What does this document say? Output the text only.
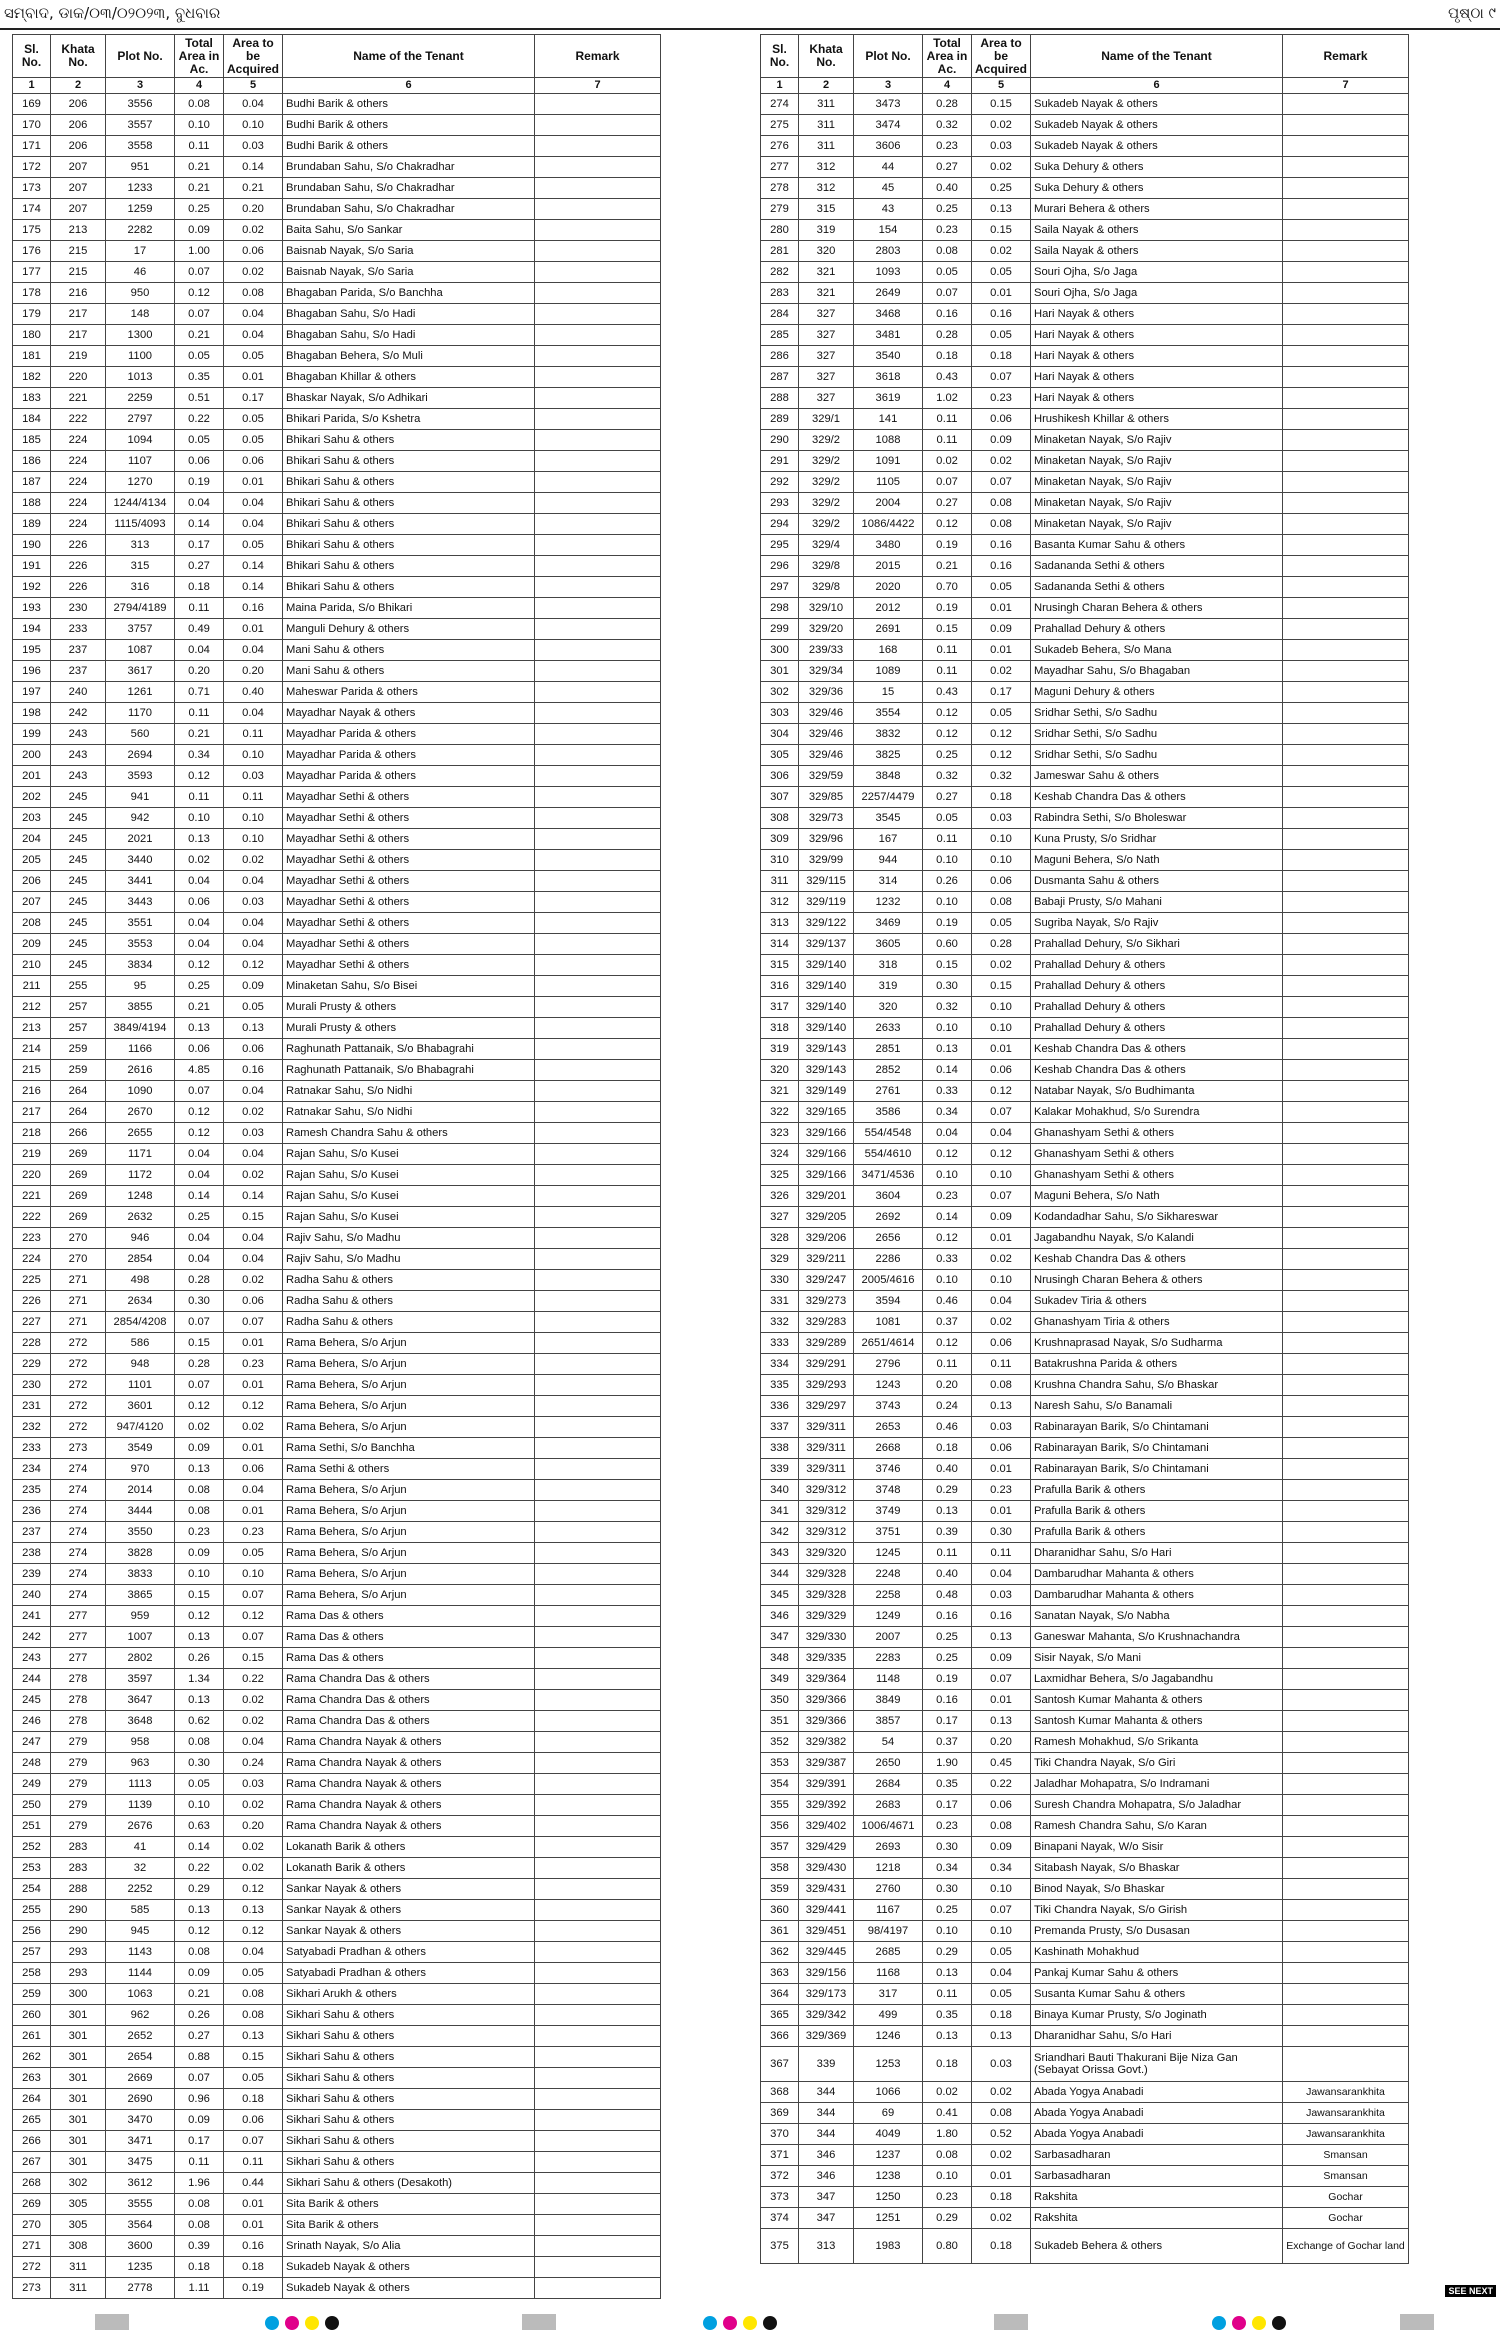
ସମ୍ବାଦ, ଡାକ/୦୩/୦୨୦୨୩, ବୁଧବାର	ପୃଷ୍ଠା ୯
Sl. No.	Khata No.	Plot No.	Total Area in Ac.	Area to be Acquired	Name of the Tenant	Remark
1	2	3	4	5	6	7
169	206	3556	0.08	0.04	Budhi Barik & others	
170	206	3557	0.10	0.10	Budhi Barik & others	
171	206	3558	0.11	0.03	Budhi Barik & others	
172	207	951	0.21	0.14	Brundaban Sahu, S/o Chakradhar	
173	207	1233	0.21	0.21	Brundaban Sahu, S/o Chakradhar	
174	207	1259	0.25	0.20	Brundaban Sahu, S/o Chakradhar	
175	213	2282	0.09	0.02	Baita Sahu, S/o Sankar	
176	215	17	1.00	0.06	Baisnab Nayak, S/o Saria	
177	215	46	0.07	0.02	Baisnab Nayak, S/o Saria	
178	216	950	0.12	0.08	Bhagaban Parida, S/o Banchha	
179	217	148	0.07	0.04	Bhagaban Sahu, S/o Hadi	
180	217	1300	0.21	0.04	Bhagaban Sahu, S/o Hadi	
181	219	1100	0.05	0.05	Bhagaban Behera, S/o Muli	
182	220	1013	0.35	0.01	Bhagaban Khillar & others	
183	221	2259	0.51	0.17	Bhaskar Nayak, S/o Adhikari	
184	222	2797	0.22	0.05	Bhikari Parida, S/o Kshetra	
185	224	1094	0.05	0.05	Bhikari Sahu & others	
186	224	1107	0.06	0.06	Bhikari Sahu & others	
187	224	1270	0.19	0.01	Bhikari Sahu & others	
188	224	1244/4134	0.04	0.04	Bhikari Sahu & others	
189	224	1115/4093	0.14	0.04	Bhikari Sahu & others	
190	226	313	0.17	0.05	Bhikari Sahu & others	
191	226	315	0.27	0.14	Bhikari Sahu & others	
192	226	316	0.18	0.14	Bhikari Sahu & others	
193	230	2794/4189	0.11	0.16	Maina Parida, S/o Bhikari	
194	233	3757	0.49	0.01	Manguli Dehury & others	
195	237	1087	0.04	0.04	Mani Sahu & others	
196	237	3617	0.20	0.20	Mani Sahu & others	
197	240	1261	0.71	0.40	Maheswar Parida & others	
198	242	1170	0.11	0.04	Mayadhar Nayak & others	
199	243	560	0.21	0.11	Mayadhar Parida & others	
200	243	2694	0.34	0.10	Mayadhar Parida & others	
201	243	3593	0.12	0.03	Mayadhar Parida & others	
202	245	941	0.11	0.11	Mayadhar Sethi & others	
203	245	942	0.10	0.10	Mayadhar Sethi & others	
204	245	2021	0.13	0.10	Mayadhar Sethi & others	
205	245	3440	0.02	0.02	Mayadhar Sethi & others	
206	245	3441	0.04	0.04	Mayadhar Sethi & others	
207	245	3443	0.06	0.03	Mayadhar Sethi & others	
208	245	3551	0.04	0.04	Mayadhar Sethi & others	
209	245	3553	0.04	0.04	Mayadhar Sethi & others	
210	245	3834	0.12	0.12	Mayadhar Sethi & others	
211	255	95	0.25	0.09	Minaketan Sahu, S/o Bisei	
212	257	3855	0.21	0.05	Murali Prusty & others	
213	257	3849/4194	0.13	0.13	Murali Prusty & others	
214	259	1166	0.06	0.06	Raghunath Pattanaik, S/o Bhabagrahi	
215	259	2616	4.85	0.16	Raghunath Pattanaik, S/o Bhabagrahi	
216	264	1090	0.07	0.04	Ratnakar Sahu, S/o Nidhi	
217	264	2670	0.12	0.02	Ratnakar Sahu, S/o Nidhi	
218	266	2655	0.12	0.03	Ramesh Chandra Sahu & others	
219	269	1171	0.04	0.04	Rajan Sahu, S/o Kusei	
220	269	1172	0.04	0.02	Rajan Sahu, S/o Kusei	
221	269	1248	0.14	0.14	Rajan Sahu, S/o Kusei	
222	269	2632	0.25	0.15	Rajan Sahu, S/o Kusei	
223	270	946	0.04	0.04	Rajiv Sahu, S/o Madhu	
224	270	2854	0.04	0.04	Rajiv Sahu, S/o Madhu	
225	271	498	0.28	0.02	Radha Sahu & others	
226	271	2634	0.30	0.06	Radha Sahu & others	
227	271	2854/4208	0.07	0.07	Radha Sahu & others	
228	272	586	0.15	0.01	Rama Behera, S/o Arjun	
229	272	948	0.28	0.23	Rama Behera, S/o Arjun	
230	272	1101	0.07	0.01	Rama Behera, S/o Arjun	
231	272	3601	0.12	0.12	Rama Behera, S/o Arjun	
232	272	947/4120	0.02	0.02	Rama Behera, S/o Arjun	
233	273	3549	0.09	0.01	Rama Sethi, S/o Banchha	
234	274	970	0.13	0.06	Rama Sethi & others	
235	274	2014	0.08	0.04	Rama Behera, S/o Arjun	
236	274	3444	0.08	0.01	Rama Behera, S/o Arjun	
237	274	3550	0.23	0.23	Rama Behera, S/o Arjun	
238	274	3828	0.09	0.05	Rama Behera, S/o Arjun	
239	274	3833	0.10	0.10	Rama Behera, S/o Arjun	
240	274	3865	0.15	0.07	Rama Behera, S/o Arjun	
241	277	959	0.12	0.12	Rama Das & others	
242	277	1007	0.13	0.07	Rama Das & others	
243	277	2802	0.26	0.15	Rama Das & others	
244	278	3597	1.34	0.22	Rama Chandra Das & others	
245	278	3647	0.13	0.02	Rama Chandra Das & others	
246	278	3648	0.62	0.02	Rama Chandra Das & others	
247	279	958	0.08	0.04	Rama Chandra Nayak & others	
248	279	963	0.30	0.24	Rama Chandra Nayak & others	
249	279	1113	0.05	0.03	Rama Chandra Nayak & others	
250	279	1139	0.10	0.02	Rama Chandra Nayak & others	
251	279	2676	0.63	0.20	Rama Chandra Nayak & others	
252	283	41	0.14	0.02	Lokanath Barik & others	
253	283	32	0.22	0.02	Lokanath Barik & others	
254	288	2252	0.29	0.12	Sankar Nayak & others	
255	290	585	0.13	0.13	Sankar Nayak & others	
256	290	945	0.12	0.12	Sankar Nayak & others	
257	293	1143	0.08	0.04	Satyabadi Pradhan & others	
258	293	1144	0.09	0.05	Satyabadi Pradhan & others	
259	300	1063	0.21	0.08	Sikhari Arukh & others	
260	301	962	0.26	0.08	Sikhari Sahu & others	
261	301	2652	0.27	0.13	Sikhari Sahu & others	
262	301	2654	0.88	0.15	Sikhari Sahu & others	
263	301	2669	0.07	0.05	Sikhari Sahu & others	
264	301	2690	0.96	0.18	Sikhari Sahu & others	
265	301	3470	0.09	0.06	Sikhari Sahu & others	
266	301	3471	0.17	0.07	Sikhari Sahu & others	
267	301	3475	0.11	0.11	Sikhari Sahu & others	
268	302	3612	1.96	0.44	Sikhari Sahu & others (Desakoth)	
269	305	3555	0.08	0.01	Sita Barik & others	
270	305	3564	0.08	0.01	Sita Barik & others	
271	308	3600	0.39	0.16	Srinath Nayak, S/o Alia	
272	311	1235	0.18	0.18	Sukadeb Nayak & others	
273	311	2778	1.11	0.19	Sukadeb Nayak & others	
Sl. No.	Khata No.	Plot No.	Total Area in Ac.	Area to be Acquired	Name of the Tenant	Remark
1	2	3	4	5	6	7
274	311	3473	0.28	0.15	Sukadeb Nayak & others	
275	311	3474	0.32	0.02	Sukadeb Nayak & others	
276	311	3606	0.23	0.03	Sukadeb Nayak & others	
277	312	44	0.27	0.02	Suka Dehury & others	
278	312	45	0.40	0.25	Suka Dehury & others	
279	315	43	0.25	0.13	Murari Behera & others	
280	319	154	0.23	0.15	Saila Nayak & others	
281	320	2803	0.08	0.02	Saila Nayak & others	
282	321	1093	0.05	0.05	Souri Ojha, S/o Jaga	
283	321	2649	0.07	0.01	Souri Ojha, S/o Jaga	
284	327	3468	0.16	0.16	Hari Nayak & others	
285	327	3481	0.28	0.05	Hari Nayak & others	
286	327	3540	0.18	0.18	Hari Nayak & others	
287	327	3618	0.43	0.07	Hari Nayak & others	
288	327	3619	1.02	0.23	Hari Nayak & others	
289	329/1	141	0.11	0.06	Hrushikesh Khillar & others	
290	329/2	1088	0.11	0.09	Minaketan Nayak, S/o Rajiv	
291	329/2	1091	0.02	0.02	Minaketan Nayak, S/o Rajiv	
292	329/2	1105	0.07	0.07	Minaketan Nayak, S/o Rajiv	
293	329/2	2004	0.27	0.08	Minaketan Nayak, S/o Rajiv	
294	329/2	1086/4422	0.12	0.08	Minaketan Nayak, S/o Rajiv	
295	329/4	3480	0.19	0.16	Basanta Kumar Sahu & others	
296	329/8	2015	0.21	0.16	Sadananda Sethi & others	
297	329/8	2020	0.70	0.05	Sadananda Sethi & others	
298	329/10	2012	0.19	0.01	Nrusingh Charan Behera & others	
299	329/20	2691	0.15	0.09	Prahallad Dehury & others	
300	239/33	168	0.11	0.01	Sukadeb Behera, S/o Mana	
301	329/34	1089	0.11	0.02	Mayadhar Sahu, S/o Bhagaban	
302	329/36	15	0.43	0.17	Maguni Dehury & others	
303	329/46	3554	0.12	0.05	Sridhar Sethi, S/o Sadhu	
304	329/46	3832	0.12	0.12	Sridhar Sethi, S/o Sadhu	
305	329/46	3825	0.25	0.12	Sridhar Sethi, S/o Sadhu	
306	329/59	3848	0.32	0.32	Jameswar Sahu & others	
307	329/85	2257/4479	0.27	0.18	Keshab Chandra Das & others	
308	329/73	3545	0.05	0.03	Rabindra Sethi, S/o Bholeswar	
309	329/96	167	0.11	0.10	Kuna Prusty, S/o Sridhar	
310	329/99	944	0.10	0.10	Maguni Behera, S/o Nath	
311	329/115	314	0.26	0.06	Dusmanta Sahu & others	
312	329/119	1232	0.10	0.08	Babaji Prusty, S/o Mahani	
313	329/122	3469	0.19	0.05	Sugriba Nayak, S/o Rajiv	
314	329/137	3605	0.60	0.28	Prahallad Dehury, S/o Sikhari	
315	329/140	318	0.15	0.02	Prahallad Dehury & others	
316	329/140	319	0.30	0.15	Prahallad Dehury & others	
317	329/140	320	0.32	0.10	Prahallad Dehury & others	
318	329/140	2633	0.10	0.10	Prahallad Dehury & others	
319	329/143	2851	0.13	0.01	Keshab Chandra Das & others	
320	329/143	2852	0.14	0.06	Keshab Chandra Das & others	
321	329/149	2761	0.33	0.12	Natabar Nayak, S/o Budhimanta	
322	329/165	3586	0.34	0.07	Kalakar Mohakhud, S/o Surendra	
323	329/166	554/4548	0.04	0.04	Ghanashyam Sethi & others	
324	329/166	554/4610	0.12	0.12	Ghanashyam Sethi & others	
325	329/166	3471/4536	0.10	0.10	Ghanashyam Sethi & others	
326	329/201	3604	0.23	0.07	Maguni Behera, S/o Nath	
327	329/205	2692	0.14	0.09	Kodandadhar Sahu, S/o Sikhareswar	
328	329/206	2656	0.12	0.01	Jagabandhu Nayak, S/o Kalandi	
329	329/211	2286	0.33	0.02	Keshab Chandra Das & others	
330	329/247	2005/4616	0.10	0.10	Nrusingh Charan Behera & others	
331	329/273	3594	0.46	0.04	Sukadev Tiria & others	
332	329/283	1081	0.37	0.02	Ghanashyam Tiria & others	
333	329/289	2651/4614	0.12	0.06	Krushnaprasad Nayak, S/o Sudharma	
334	329/291	2796	0.11	0.11	Batakrushna Parida & others	
335	329/293	1243	0.20	0.08	Krushna Chandra Sahu, S/o Bhaskar	
336	329/297	3743	0.24	0.13	Naresh Sahu, S/o Banamali	
337	329/311	2653	0.46	0.03	Rabinarayan Barik, S/o Chintamani	
338	329/311	2668	0.18	0.06	Rabinarayan Barik, S/o Chintamani	
339	329/311	3746	0.40	0.01	Rabinarayan Barik, S/o Chintamani	
340	329/312	3748	0.29	0.23	Prafulla Barik & others	
341	329/312	3749	0.13	0.01	Prafulla Barik & others	
342	329/312	3751	0.39	0.30	Prafulla Barik & others	
343	329/320	1245	0.11	0.11	Dharanidhar Sahu, S/o Hari	
344	329/328	2248	0.40	0.04	Dambarudhar Mahanta & others	
345	329/328	2258	0.48	0.03	Dambarudhar Mahanta & others	
346	329/329	1249	0.16	0.16	Sanatan Nayak, S/o Nabha	
347	329/330	2007	0.25	0.13	Ganeswar Mahanta, S/o Krushnachandra	
348	329/335	2283	0.25	0.09	Sisir Nayak, S/o Mani	
349	329/364	1148	0.19	0.07	Laxmidhar Behera, S/o Jagabandhu	
350	329/366	3849	0.16	0.01	Santosh Kumar Mahanta & others	
351	329/366	3857	0.17	0.13	Santosh Kumar Mahanta & others	
352	329/382	54	0.37	0.20	Ramesh Mohakhud, S/o Srikanta	
353	329/387	2650	1.90	0.45	Tiki Chandra Nayak, S/o Giri	
354	329/391	2684	0.35	0.22	Jaladhar Mohapatra, S/o Indramani	
355	329/392	2683	0.17	0.06	Suresh Chandra Mohapatra, S/o Jaladhar	
356	329/402	1006/4671	0.23	0.08	Ramesh Chandra Sahu, S/o Karan	
357	329/429	2693	0.30	0.09	Binapani Nayak, W/o Sisir	
358	329/430	1218	0.34	0.34	Sitabash Nayak, S/o Bhaskar	
359	329/431	2760	0.30	0.10	Binod Nayak, S/o Bhaskar	
360	329/441	1167	0.25	0.07	Tiki Chandra Nayak, S/o Girish	
361	329/451	98/4197	0.10	0.10	Premanda Prusty, S/o Dusasan	
362	329/445	2685	0.29	0.05	Kashinath Mohakhud	
363	329/156	1168	0.13	0.04	Pankaj Kumar Sahu & others	
364	329/173	317	0.11	0.05	Susanta Kumar Sahu & others	
365	329/342	499	0.35	0.18	Binaya Kumar Prusty, S/o Joginath	
366	329/369	1246	0.13	0.13	Dharanidhar Sahu, S/o Hari	
367	339	1253	0.18	0.03	Sriandhari Bauti Thakurani Bije Niza Gan (Sebayat Orissa Govt.)	
368	344	1066	0.02	0.02	Abada Yogya Anabadi	Jawansarankhita
369	344	69	0.41	0.08	Abada Yogya Anabadi	Jawansarankhita
370	344	4049	1.80	0.52	Abada Yogya Anabadi	Jawansarankhita
371	346	1237	0.08	0.02	Sarbasadharan	Smansan
372	346	1238	0.10	0.01	Sarbasadharan	Smansan
373	347	1250	0.23	0.18	Rakshita	Gochar
374	347	1251	0.29	0.02	Rakshita	Gochar
375	313	1983	0.80	0.18	Sukadeb Behera & others	Exchange of Gochar land
SEE NEXT
